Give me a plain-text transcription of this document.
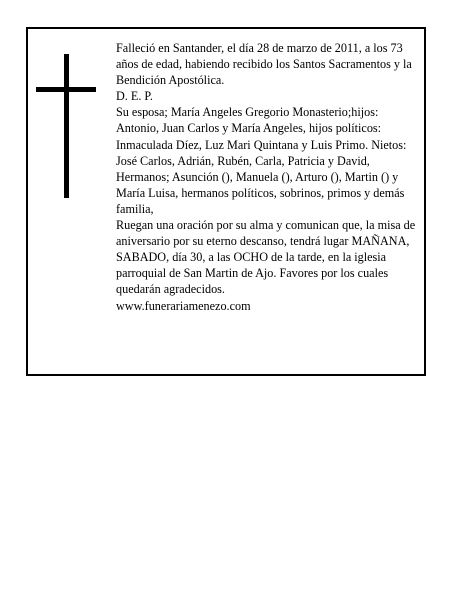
Falleció en Santander, el día 28 de marzo de 2011, a los 73 años de edad, habiendo recibido los Santos Sacramentos y la Bendición Apostólica.

D. E. P.

Su esposa; María Angeles Gregorio Monasterio;hijos: Antonio, Juan Carlos y María Angeles, hijos políticos: Inmaculada Díez, Luz Mari Quintana y Luis Primo. Nietos: José Carlos, Adrián, Rubén, Carla, Patricia y David, Hermanos; Asunción (), Manuela (), Arturo (), Martin () y María Luisa, hermanos políticos, sobrinos, primos y demás familia,

Ruegan una oración por su alma y comunican que, la misa de aniversario por su eterno descanso, tendrá lugar MAÑANA, SABADO, día 30, a las OCHO de la tarde, en la iglesia parroquial de San Martin de Ajo. Favores por los cuales quedarán agradecidos.

www.funerariamenezo.com
